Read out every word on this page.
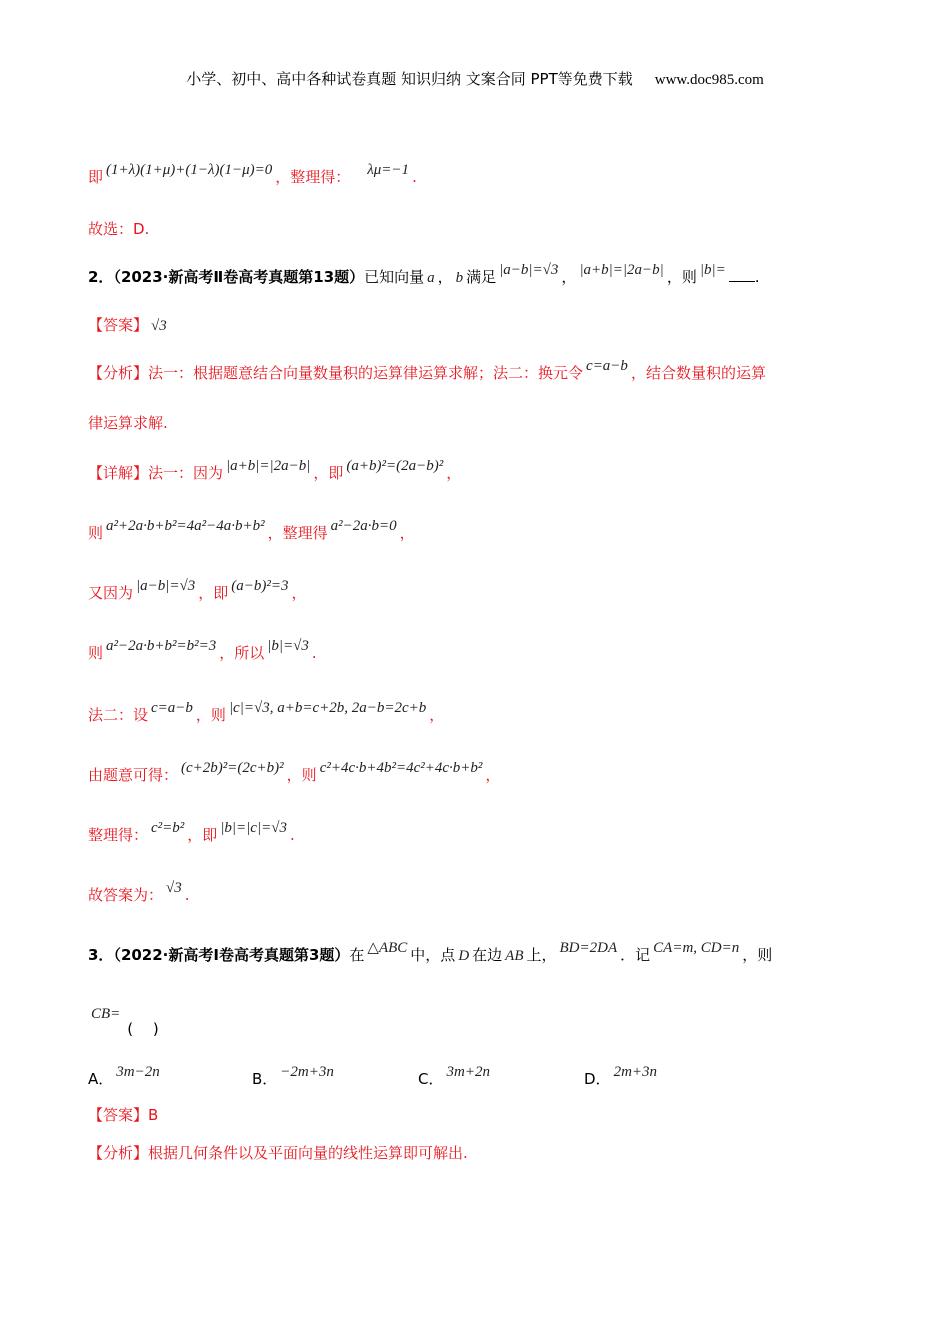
小学、初中、高中各种试卷真题 知识归纳 文案合同 PPT等免费下载 www.doc985.com
即 (1+λ)(1+μ)+(1−λ)(1−μ)=0 ，整理得： λμ=−1 .
故选：D.
2．（2023·新高考Ⅱ卷高考真题第13题）已知向量 a ， b 满足 |a−b|=√3 ， |a+b|=|2a−b| ，则 |b|= .
【答案】 √3
【分析】法一：根据题意结合向量数量积的运算律运算求解；法二：换元令 c=a−b ，结合数量积的运算
律运算求解.
【详解】法一：因为 |a+b|=|2a−b| ，即 (a+b)²=(2a−b)² ，
则 a²+2a·b+b²=4a²−4a·b+b² ，整理得 a²−2a·b=0 ，
又因为 |a−b|=√3 ，即 (a−b)²=3 ，
则 a²−2a·b+b²=b²=3 ，所以 |b|=√3 .
法二：设 c=a−b ，则 |c|=√3, a+b=c+2b, 2a−b=2c+b ，
由题意可得： (c+2b)²=(2c+b)² ，则 c²+4c·b+4b²=4c²+4c·b+b² ，
整理得： c²=b² ，即 |b|=|c|=√3 .
故答案为： √3 .
3．（2022·新高考Ⅰ卷高考真题第3题）在 △ABC 中，点 D 在边 AB 上， BD=2DA ．记 CA=m, CD=n ，则
CB=(　 )
A． 3m−2n	B． −2m+3n	C． 3m+2n	D． 2m+3n
【答案】B
【分析】根据几何条件以及平面向量的线性运算即可解出.
